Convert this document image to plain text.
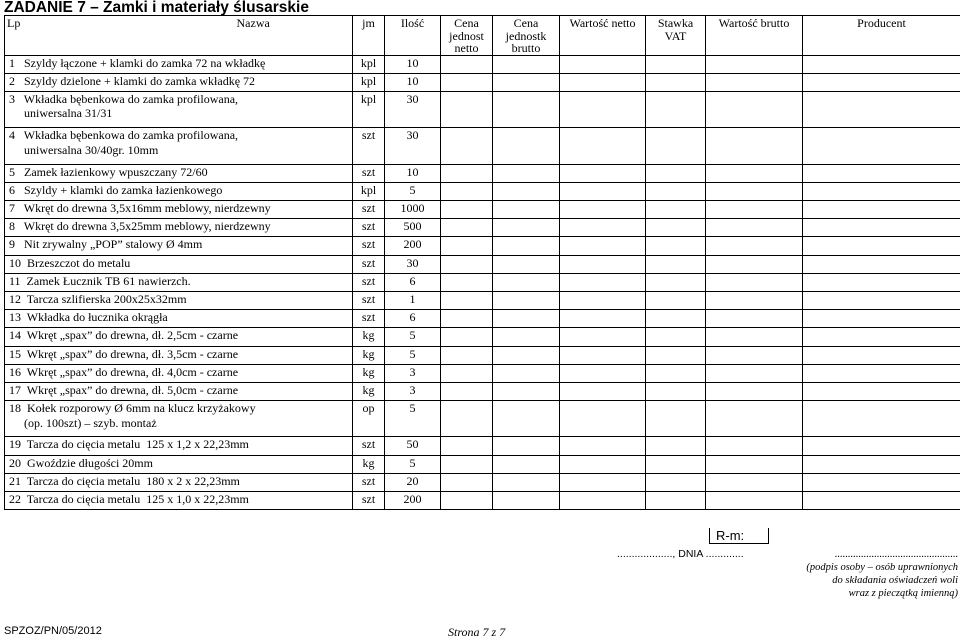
ZADANIE 7 – Zamki i materiały ślusarskie
Lp Nazwa	jm	Ilość	Cena jednost netto	Cena jednostk brutto	Wartość netto	Stawka VAT	Wartość brutto	Producent
1   Szyldy łączone + klamki do zamka 72 na wkładkę	kpl	10						
2   Szyldy dzielone + klamki do zamka wkładkę 72	kpl	10						
3   Wkładka bębenkowa do zamka profilowana,
uniwersalna 31/31	kpl	30						
4   Wkładka bębenkowa do zamka profilowana,
uniwersalna 30/40gr. 10mm	szt	30						
5   Zamek łazienkowy wpuszczany 72/60	szt	10						
6   Szyldy + klamki do zamka łazienkowego	kpl	5						
7   Wkręt do drewna 3,5x16mm meblowy, nierdzewny	szt	1000						
8   Wkręt do drewna 3,5x25mm meblowy, nierdzewny	szt	500						
9   Nit zrywalny „POP” stalowy Ø 4mm	szt	200						
10  Brzeszczot do metalu	szt	30						
11  Zamek Łucznik TB 61 nawierzch.	szt	6						
12  Tarcza szlifierska 200x25x32mm	szt	1						
13  Wkładka do łucznika okrągła	szt	6						
14  Wkręt „spax” do drewna, dł. 2,5cm - czarne	kg	5						
15  Wkręt „spax” do drewna, dł. 3,5cm - czarne	kg	5						
16  Wkręt „spax” do drewna, dł. 4,0cm - czarne	kg	3						
17  Wkręt „spax” do drewna, dł. 5,0cm - czarne	kg	3						
18  Kołek rozporowy Ø 6mm na klucz krzyżakowy
(op. 100szt) – szyb. montaż	op	5						
19  Tarcza do cięcia metalu  125 x 1,2 x 22,23mm	szt	50						
20  Gwoździe długości 20mm	kg	5						
21  Tarcza do cięcia metalu  180 x 2 x 22,23mm	szt	20						
22  Tarcza do cięcia metalu  125 x 1,0 x 22,23mm	szt	200						
R-m:
..................., DNIA .............	...............................................
(podpis osoby – osób uprawnionych
do składania oświadczeń woli
wraz z pieczątką imienną)
SPZOZ/PN/05/2012	Strona 7 z 7
